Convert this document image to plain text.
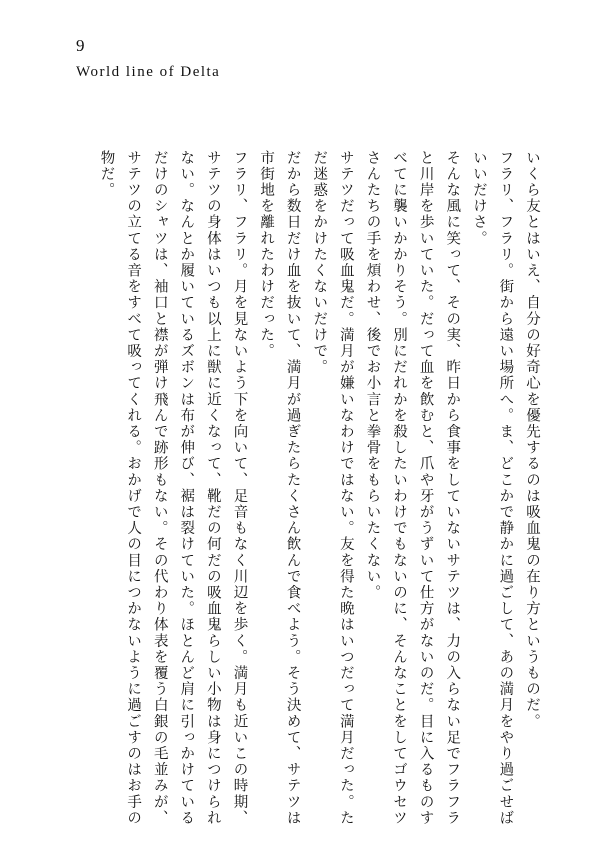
9
World line of Delta

いくら友とはいえ、自分の好奇心を優先するのは吸血鬼の在り方というものだ。

フラリ、フラリ。街から遠い場所へ。ま、どこかで静かに過ごして、あの満月をやり過ごせばいいだけさ。

そんな風に笑って、その実、昨日から食事をしていないサテツは、力の入らない足でフラフラと川岸を歩いていた。だって血を飲むと、爪や牙がうずいて仕方がないのだ。目に入るものすべてに襲いかかりそう。別にだれかを殺したいわけでもないのに、そんなことをしてゴウセツさんたちの手を煩わせ、後でお小言と拳骨をもらいたくない。

サテツだって吸血鬼だ。満月が嫌いなわけではない。友を得た晩はいつだって満月だった。ただ迷惑をかけたくないだけで。

だから数日だけ血を抜いて、満月が過ぎたらたくさん飲んで食べよう。そう決めて、サテツは市街地を離れたわけだった。

フラリ、フラリ。月を見ないよう下を向いて、足音もなく川辺を歩く。満月も近いこの時期、サテツの身体はいつも以上に獣に近くなって、靴だの何だの吸血鬼らしい小物は身につけられない。なんとか履いているズボンは布が伸び、裾は裂けていた。ほとんど肩に引っかけているだけのシャツは、袖口と襟が弾け飛んで跡形もない。その代わり体表を覆う白銀の毛並みが、サテツの立てる音をすべて吸ってくれる。おかげで人の目につかないように過ごすのはお手の物だ。
